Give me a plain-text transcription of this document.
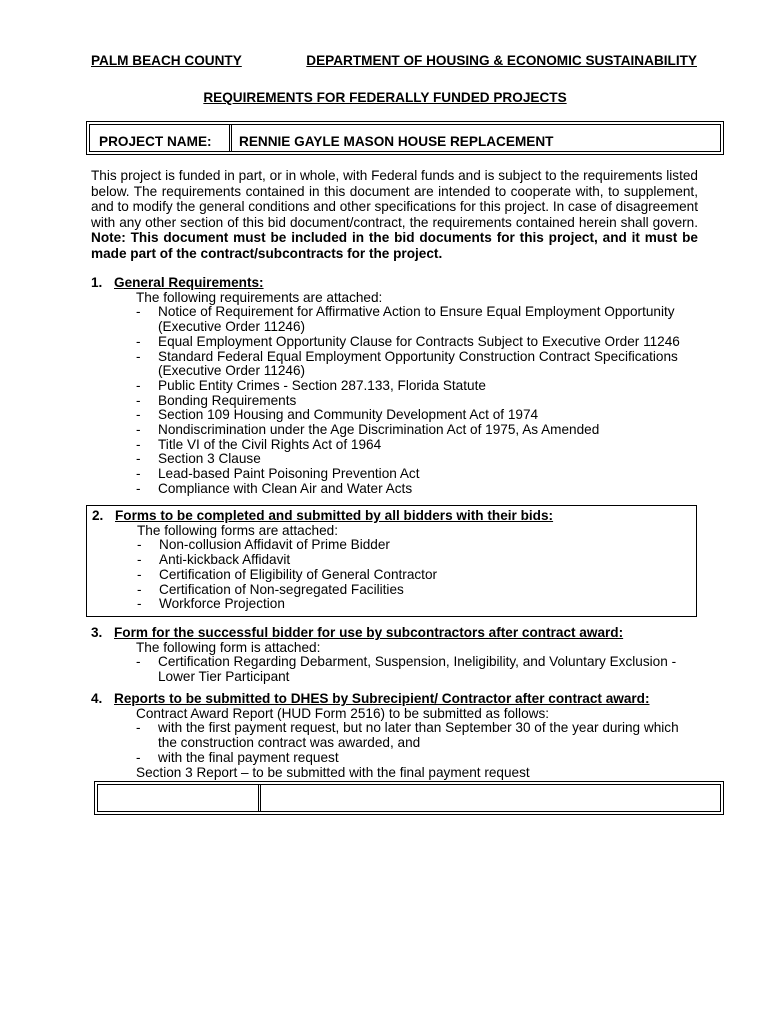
PALM BEACH COUNTY	DEPARTMENT OF HOUSING & ECONOMIC SUSTAINABILITY
REQUIREMENTS FOR FEDERALLY FUNDED PROJECTS
PROJECT NAME:	RENNIE GAYLE MASON HOUSE REPLACEMENT
This project is funded in part, or in whole, with Federal funds and is subject to the requirements listed below. The requirements contained in this document are intended to cooperate with, to supplement, and to modify the general conditions and other specifications for this project. In case of disagreement with any other section of this bid document/contract, the requirements contained herein shall govern. Note: This document must be included in the bid documents for this project, and it must be made part of the contract/subcontracts for the project.
1. General Requirements:
The following requirements are attached:
- Notice of Requirement for Affirmative Action to Ensure Equal Employment Opportunity
(Executive Order 11246)
- Equal Employment Opportunity Clause for Contracts Subject to Executive Order 11246
- Standard Federal Equal Employment Opportunity Construction Contract Specifications
(Executive Order 11246)
- Public Entity Crimes - Section 287.133, Florida Statute
- Bonding Requirements
- Section 109 Housing and Community Development Act of 1974
- Nondiscrimination under the Age Discrimination Act of 1975, As Amended
- Title VI of the Civil Rights Act of 1964
- Section 3 Clause
- Lead-based Paint Poisoning Prevention Act
- Compliance with Clean Air and Water Acts
2. Forms to be completed and submitted by all bidders with their bids:
The following forms are attached:
- Non-collusion Affidavit of Prime Bidder
- Anti-kickback Affidavit
- Certification of Eligibility of General Contractor
- Certification of Non-segregated Facilities
- Workforce Projection
3. Form for the successful bidder for use by subcontractors after contract award:
The following form is attached:
- Certification Regarding Debarment, Suspension, Ineligibility, and Voluntary Exclusion -
Lower Tier Participant
4. Reports to be submitted to DHES by Subrecipient/ Contractor after contract award:
Contract Award Report (HUD Form 2516) to be submitted as follows:
- with the first payment request, but no later than September 30 of the year during which
the construction contract was awarded, and
- with the final payment request
Section 3 Report – to be submitted with the final payment request
